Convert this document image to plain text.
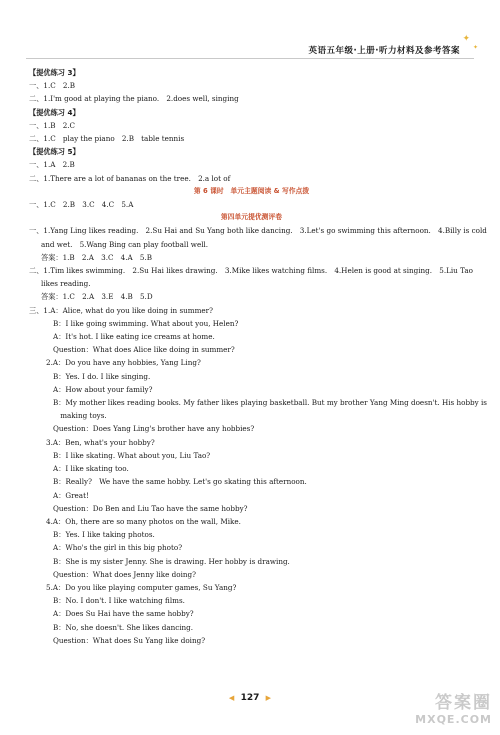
✦
✦
英语五年级·上册·听力材料及参考答案
【提优练习 3】
一、1.C　2.B
二、1.I'm good at playing the piano.　2.does well, singing
【提优练习 4】
一、1.B　2.C
二、1.C　play the piano　2.B　table tennis
【提优练习 5】
一、1.A　2.B
二、1.There are a lot of bananas on the tree.　2.a lot of
第 6 课时　单元主题阅读 & 写作点拨
一、1.C　2.B　3.C　4.C　5.A
第四单元提优测评卷
一、1.Yang Ling likes reading.　2.Su Hai and Su Yang both like dancing.　3.Let's go swimming this afternoon.　4.Billy is cold
and wet.　5.Wang Bing can play football well.
答案：1.B　2.A　3.C　4.A　5.B
二、1.Tim likes swimming.　2.Su Hai likes drawing.　3.Mike likes watching films.　4.Helen is good at singing.　5.Liu Tao
likes reading.
答案：1.C　2.A　3.E　4.B　5.D
三、1.A：Alice, what do you like doing in summer?
B：I like going swimming. What about you, Helen?
A：It's hot. I like eating ice creams at home.
Question：What does Alice like doing in summer?
2.A：Do you have any hobbies, Yang Ling?
B：Yes. I do. I like singing.
A：How about your family?
B：My mother likes reading books. My father likes playing basketball. But my brother Yang Ming doesn't. His hobby is
　making toys.
Question：Does Yang Ling's brother have any hobbies?
3.A：Ben, what's your hobby?
B：I like skating. What about you, Liu Tao?
A：I like skating too.
B：Really?　We have the same hobby. Let's go skating this afternoon.
A：Great!
Question：Do Ben and Liu Tao have the same hobby?
4.A：Oh, there are so many photos on the wall, Mike.
B：Yes. I like taking photos.
A：Who's the girl in this big photo?
B：She is my sister Jenny. She is drawing. Her hobby is drawing.
Question：What does Jenny like doing?
5.A：Do you like playing computer games, Su Yang?
B：No. I don't. I like watching films.
A：Does Su Hai have the same hobby?
B：No, she doesn't. She likes dancing.
Question：What does Su Yang like doing?
◀ 127 ▶	答案圈
MXQE.COM
